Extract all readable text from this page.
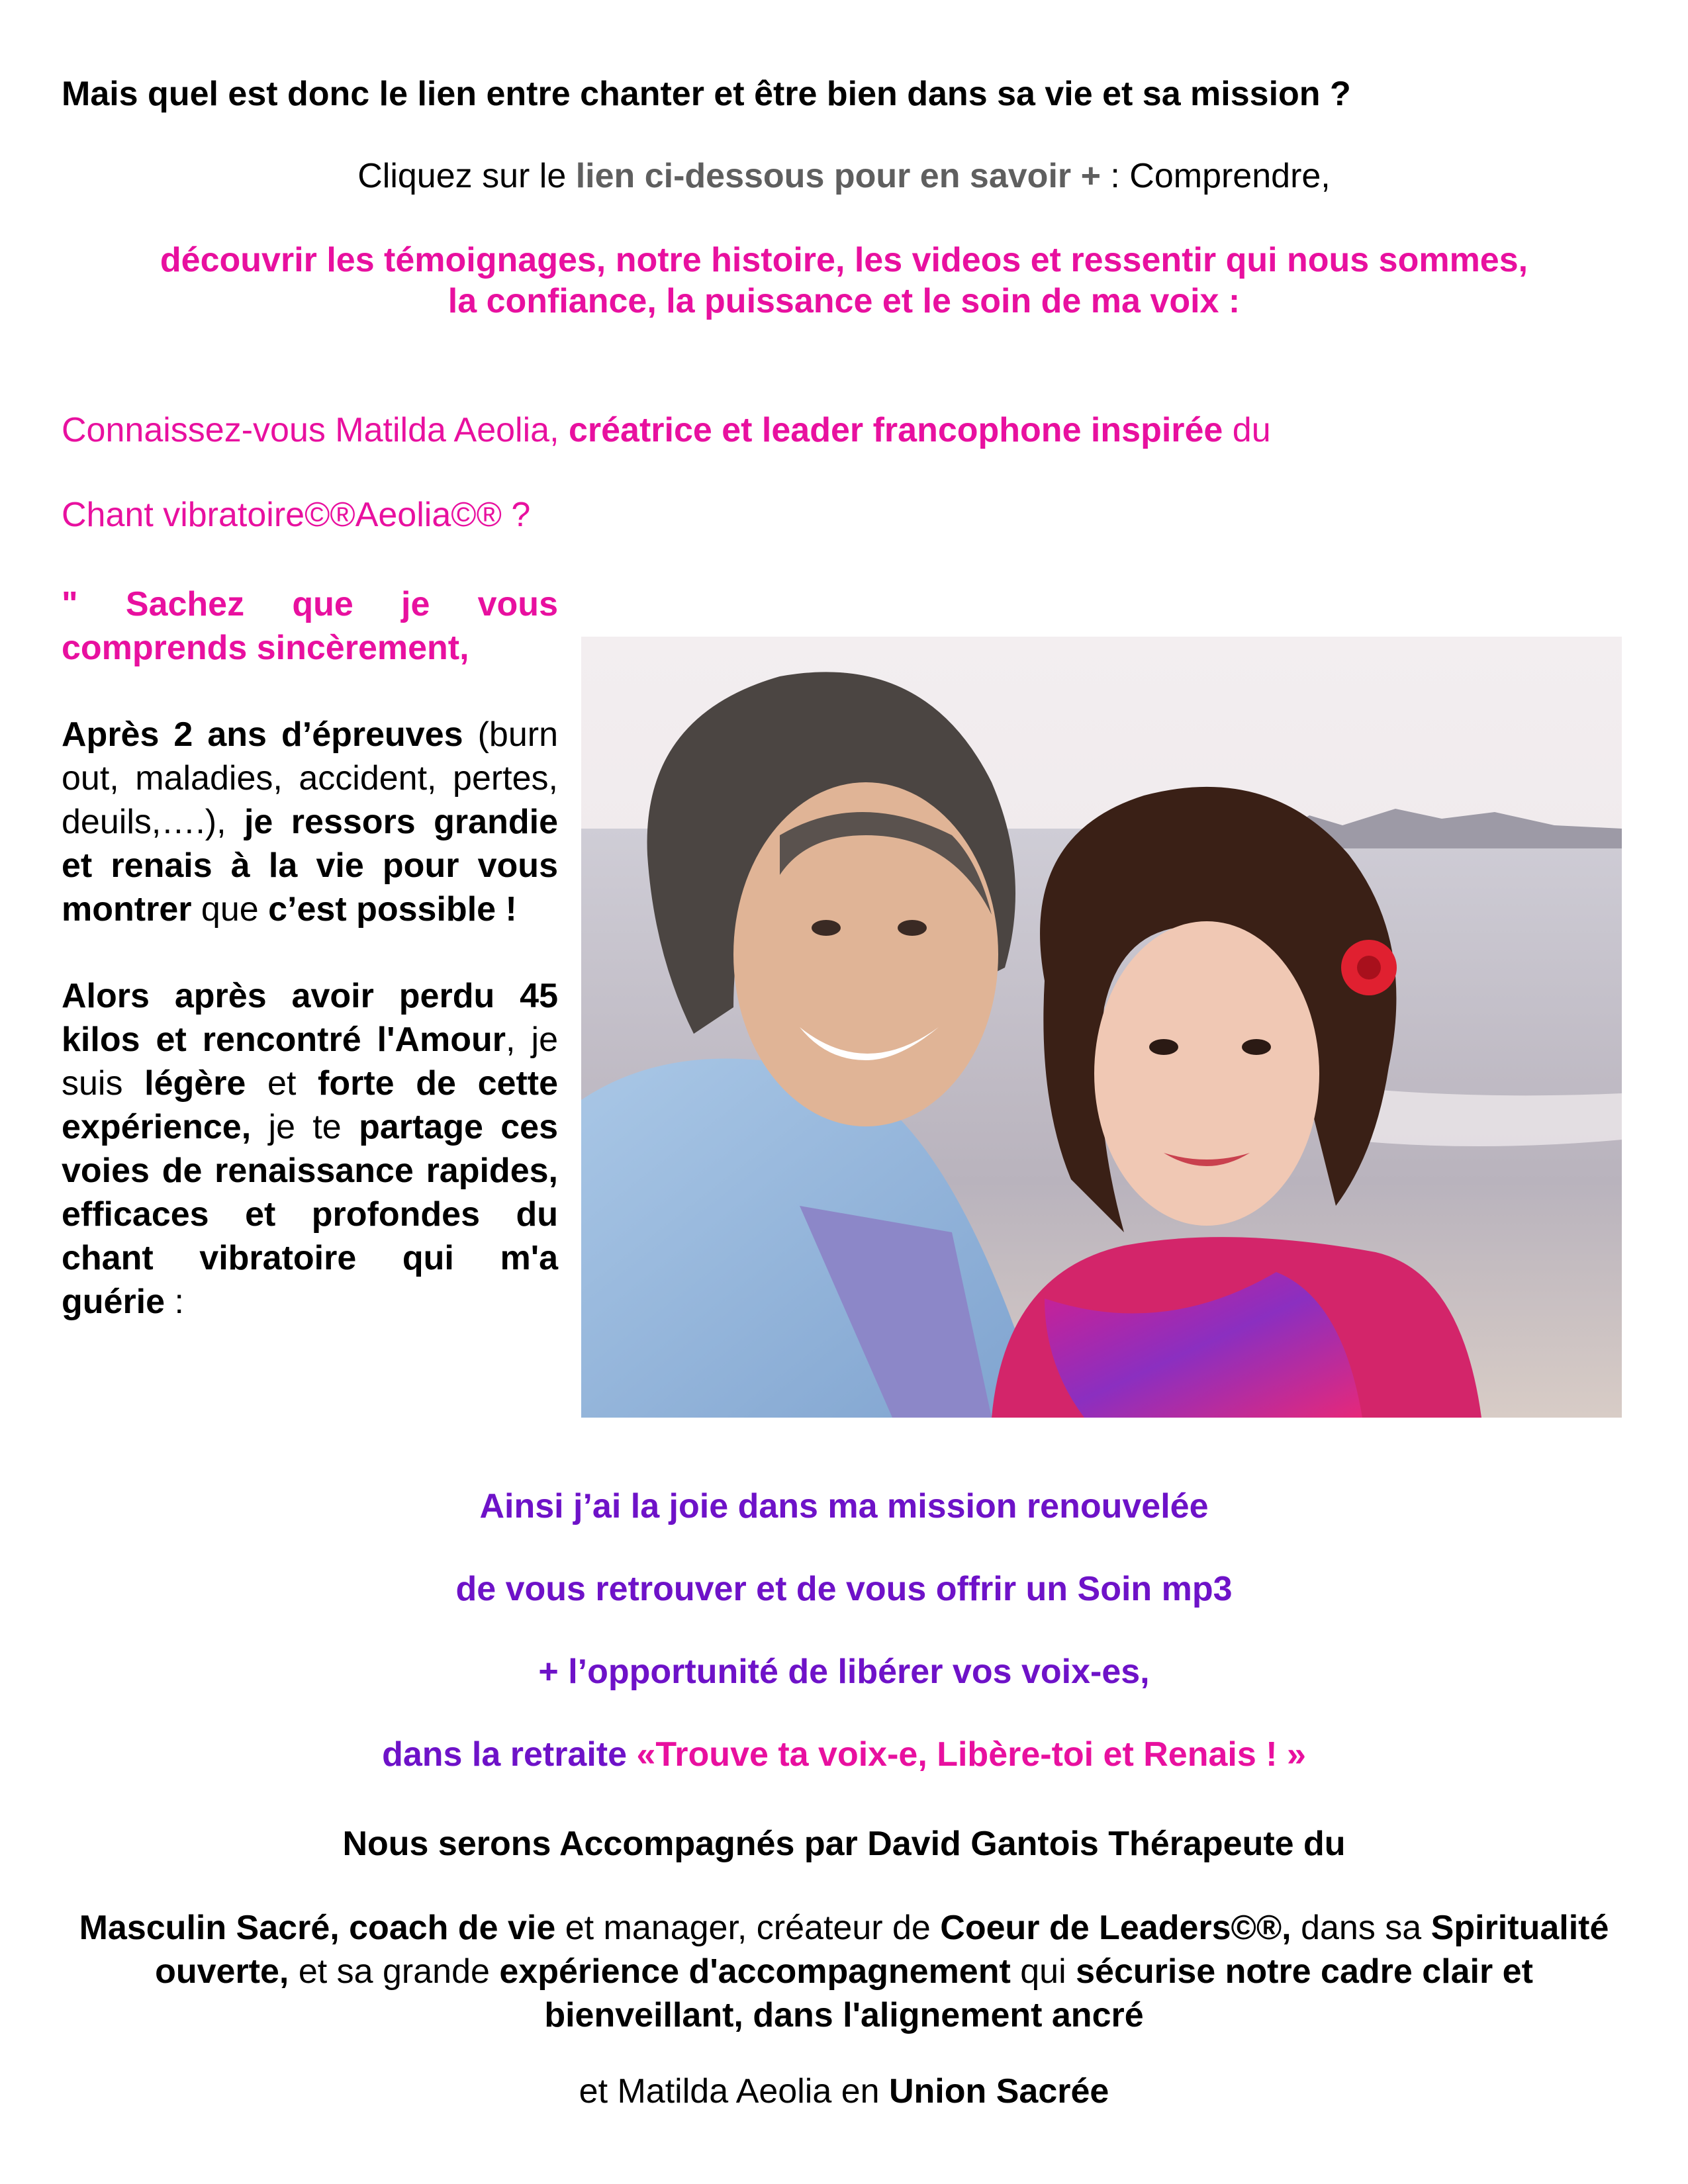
Mais quel est donc le lien entre chanter et être bien dans sa vie et sa mission ?
Cliquez sur le lien ci-dessous pour en savoir + : Comprendre,
découvrir les témoignages, notre histoire, les videos et ressentir qui nous sommes,
la confiance, la puissance et le soin de ma voix :
Connaissez-vous Matilda Aeolia, créatrice et leader francophone inspirée du
Chant vibratoire©®Aeolia©® ?

" Sachez que je vous comprends sincèrement,

Après 2 ans d’épreuves (burn out, maladies, accident, pertes, deuils,….), je ressors grandie et renais à la vie pour vous montrer que c’est possible !

Alors après avoir perdu 45 kilos et rencontré l'Amour, je suis légère et forte de cette expérience, je te partage ces voies de renaissance rapides, efficaces et profondes du chant vibratoire qui m'a guérie :

Ainsi j’ai la joie dans ma mission renouvelée
de vous retrouver et de vous offrir un Soin mp3
+ l’opportunité de libérer vos voix-es,
dans la retraite «Trouve ta voix-e, Libère-toi et Renais ! »
Nous serons Accompagnés par David Gantois Thérapeute du
Masculin Sacré, coach de vie et manager, créateur de Coeur de Leaders©®, dans sa Spiritualité ouverte, et sa grande expérience d'accompagnement qui sécurise notre cadre clair et bienveillant, dans l'alignement ancré
et Matilda Aeolia en Union Sacrée
